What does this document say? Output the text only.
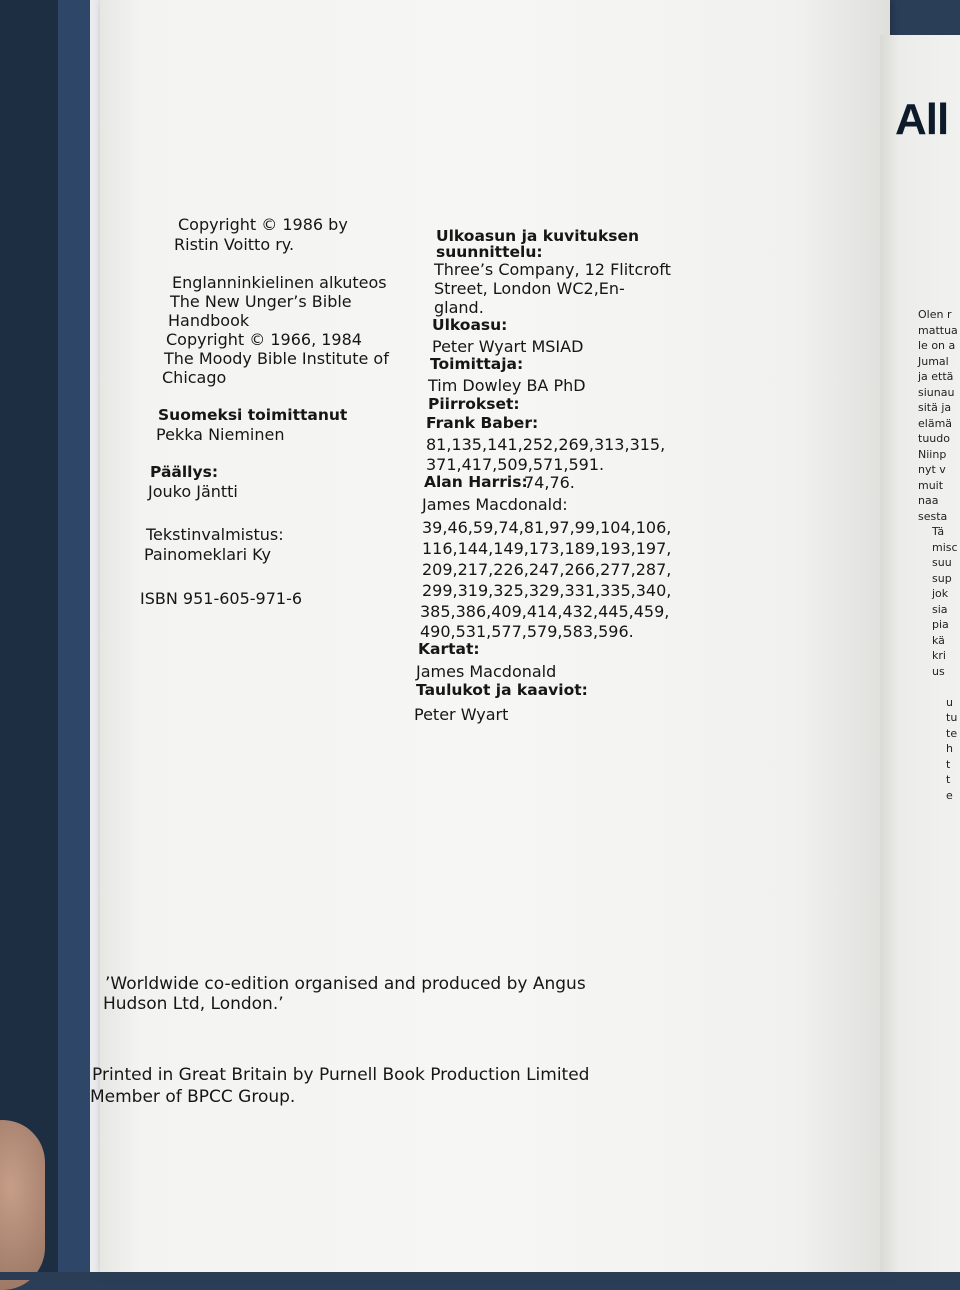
Copyright © 1986 by
Ristin Voitto ry.
Englanninkielinen alkuteos
The New Unger’s Bible
Handbook
Copyright © 1966, 1984
The Moody Bible Institute of
Chicago
Suomeksi toimittanut
Pekka Nieminen
Päällys:
Jouko Jäntti
Tekstinvalmistus:
Painomeklari Ky
ISBN 951-605-971-6
Ulkoasun ja kuvituksen
suunnittelu:
Three’s Company, 12 Flitcroft
Street, London WC2,En-
gland.
Ulkoasu:
Peter Wyart MSIAD
Toimittaja:
Tim Dowley BA PhD
Piirrokset:
Frank Baber:
81,135,141,252,269,313,315,
371,417,509,571,591.
Alan Harris:
74,76.
James Macdonald:
39,46,59,74,81,97,99,104,106,
116,144,149,173,189,193,197,
209,217,226,247,266,277,287,
299,319,325,329,331,335,340,
385,386,409,414,432,445,459,
490,531,577,579,583,596.
Kartat:
James Macdonald
Taulukot ja kaaviot:
Peter Wyart
’Worldwide co-edition organised and produced by Angus
Hudson Ltd, London.’
Printed in Great Britain by Purnell Book Production Limited
Member of BPCC Group.
Olen r
mattua
le on a
Jumal
ja että
siunau
sitä ja
elämä
tuudo
Niinp
nyt v
muit
naa
sesta
Tä
misc
suu
sup
jok
sia
pia
kä
kri
us
u
tu
te
h
t
t
e
All
